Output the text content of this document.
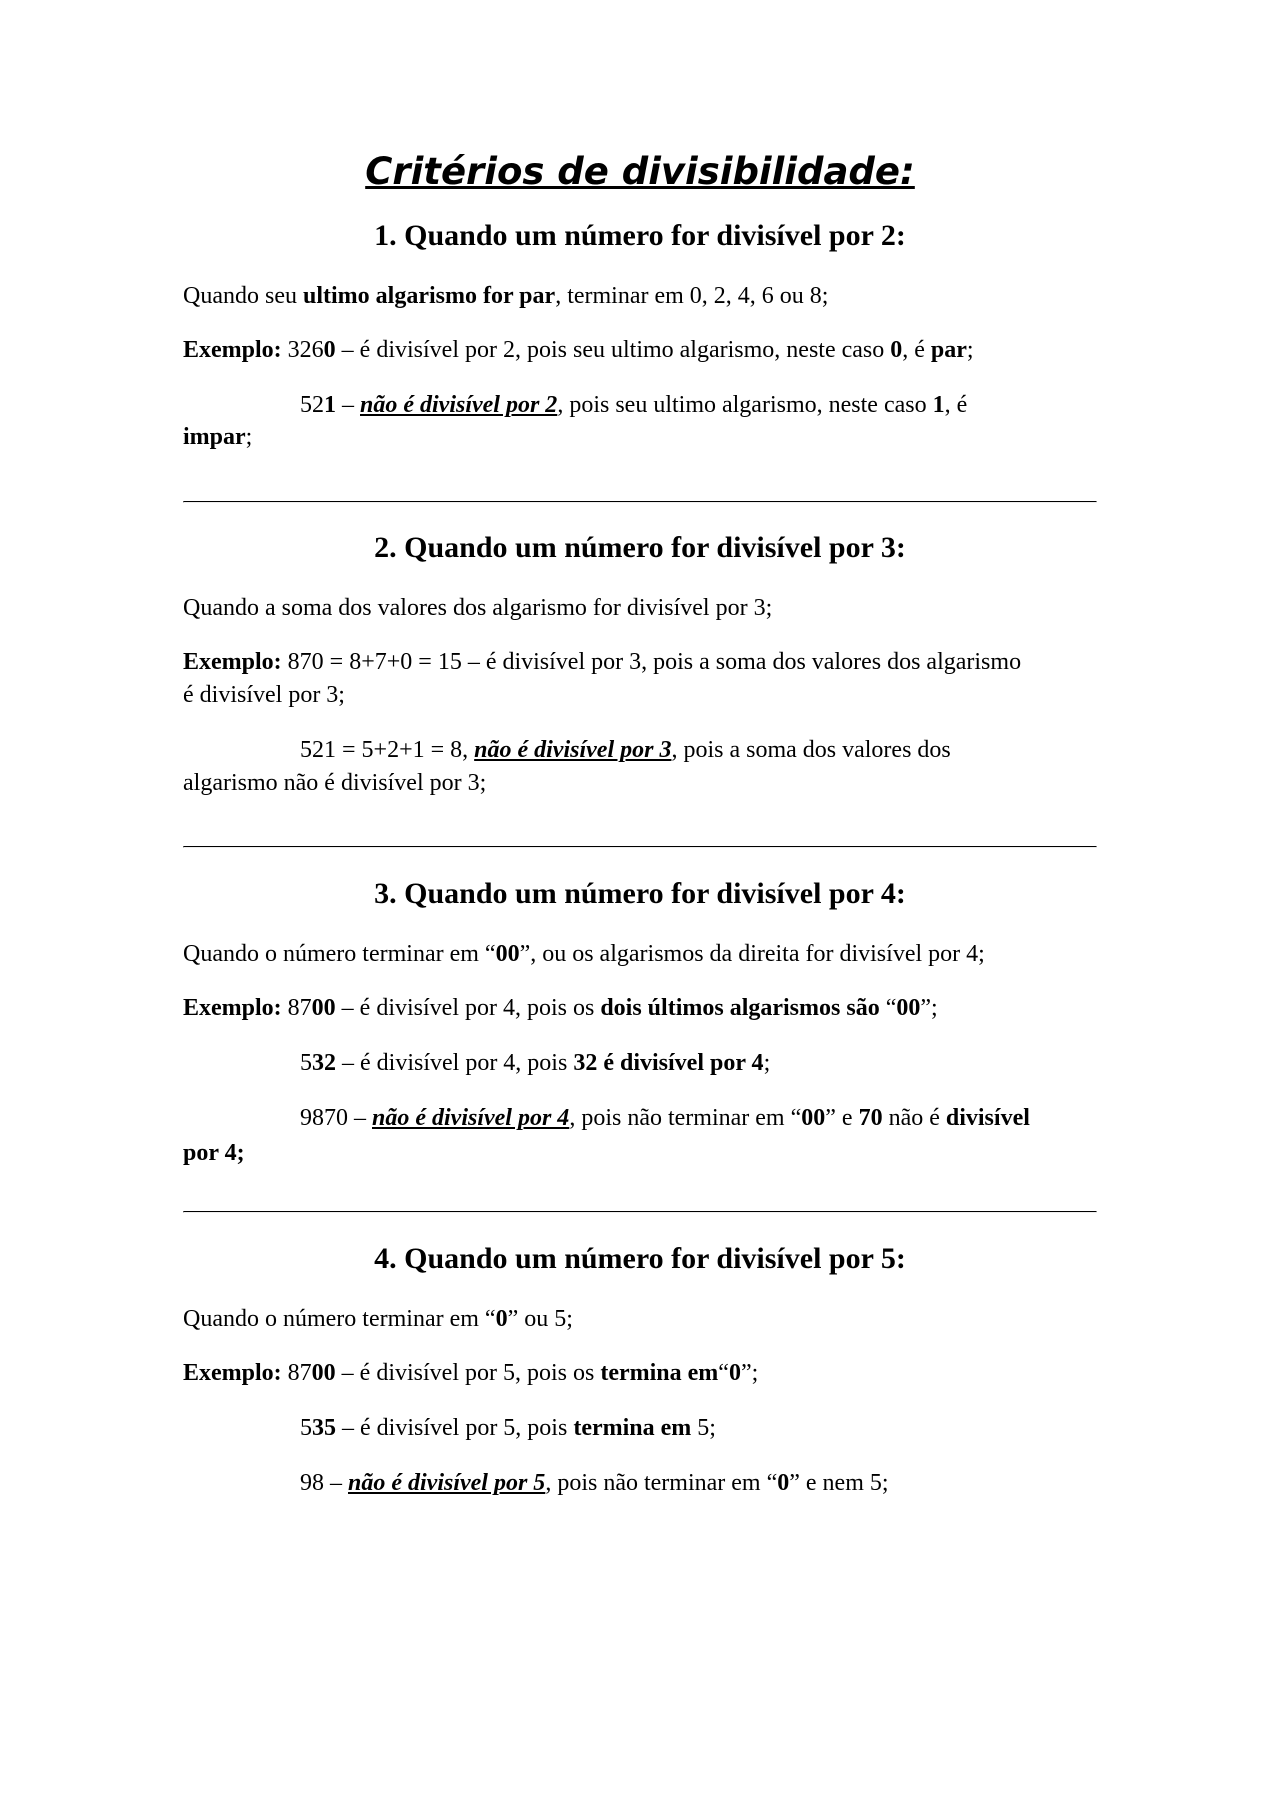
Critérios de divisibilidade:
1. Quando um número for divisível por 2:

Quando seu ultimo algarismo for par, terminar em 0, 2, 4, 6 ou 8;

Exemplo: 3260 – é divisível por 2, pois seu ultimo algarismo, neste caso 0, é par;

521 – não é divisível por 2, pois seu ultimo algarismo, neste caso 1, é

impar;

2. Quando um número for divisível por 3:

Quando a soma dos valores dos algarismo for divisível por 3;

Exemplo: 870 = 8+7+0 = 15 – é divisível por 3, pois a soma dos valores dos algarismo

é divisível por 3;

521 = 5+2+1 = 8, não é divisível por 3, pois a soma dos valores dos

algarismo não é divisível por 3;

3. Quando um número for divisível por 4:

Quando o número terminar em “00”, ou os algarismos da direita for divisível por 4;

Exemplo: 8700 – é divisível por 4, pois os dois últimos algarismos são “00”;

532 – é divisível por 4, pois 32 é divisível por 4;

9870 – não é divisível por 4, pois não terminar em “00” e 70 não é divisível

por 4;

4. Quando um número for divisível por 5:

Quando o número terminar em “0” ou 5;

Exemplo: 8700 – é divisível por 5, pois os termina em“0”;

535 – é divisível por 5, pois termina em 5;

98 – não é divisível por 5, pois não terminar em “0” e nem 5;
